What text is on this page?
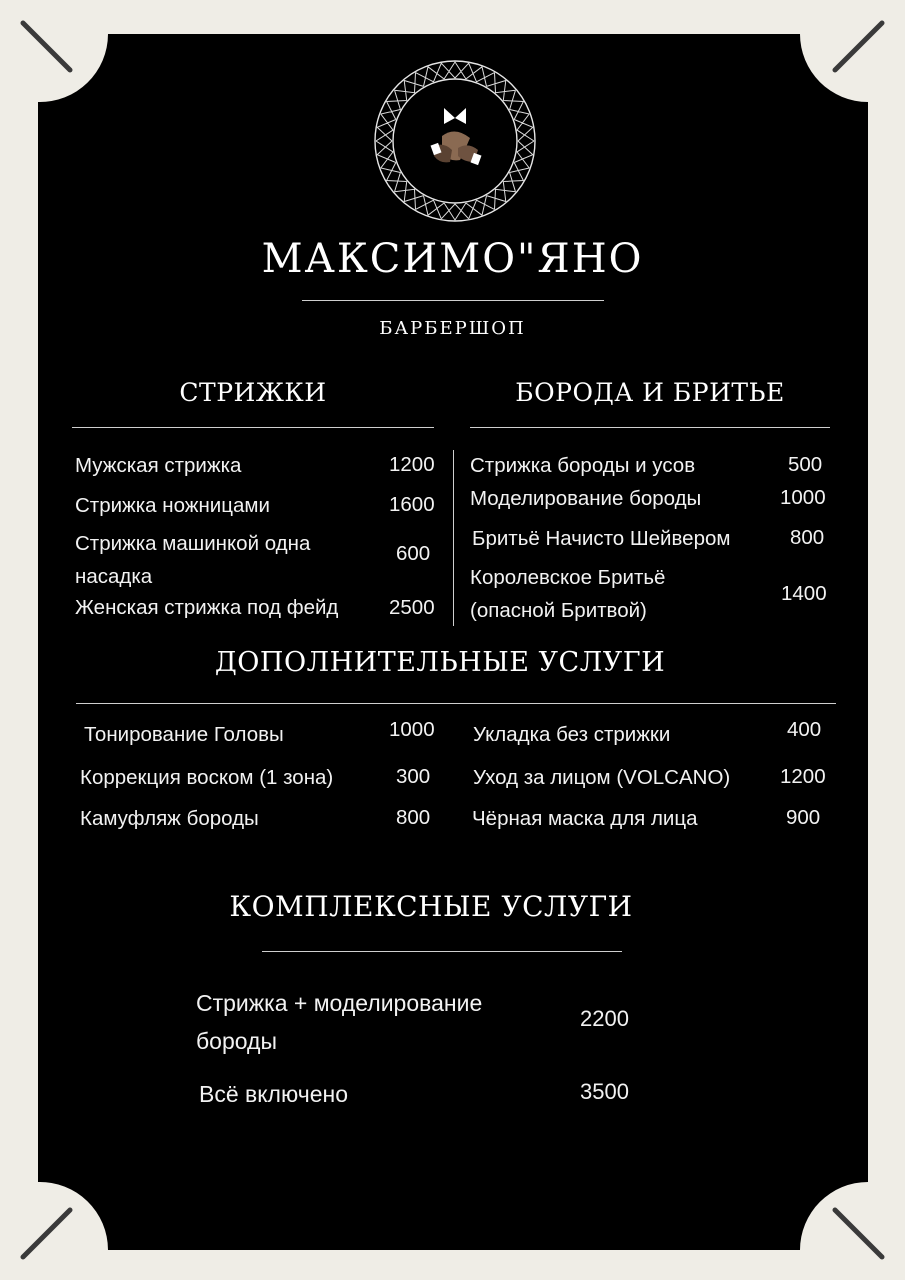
МАКСИМО"ЯНО
БАРБЕРШОП
СТРИЖКИ
Мужская стрижка	1200
Стрижка ножницами	1600
Стрижка машинкой одна
насадка
600
Женская стрижка под фейд 2500
БОРОДА И БРИТЬЕ
Стрижка бороды и усов	500
Моделирование бороды	1000
Бритьё Начисто Шейвером	800
Королевское Бритьё
(опасной Бритвой)
1400
ДОПОЛНИТЕЛЬНЫЕ УСЛУГИ
Тонирование Головы	1000
Коррекция воском (1 зона)	300
Камуфляж бороды	800
Укладка без стрижки	400
Уход за лицом (VOLCANO) 1200
Чёрная маска для лица	900
КОМПЛЕКСНЫЕ УСЛУГИ
Стрижка + моделирование
бороды
2200
Всё включено	3500
